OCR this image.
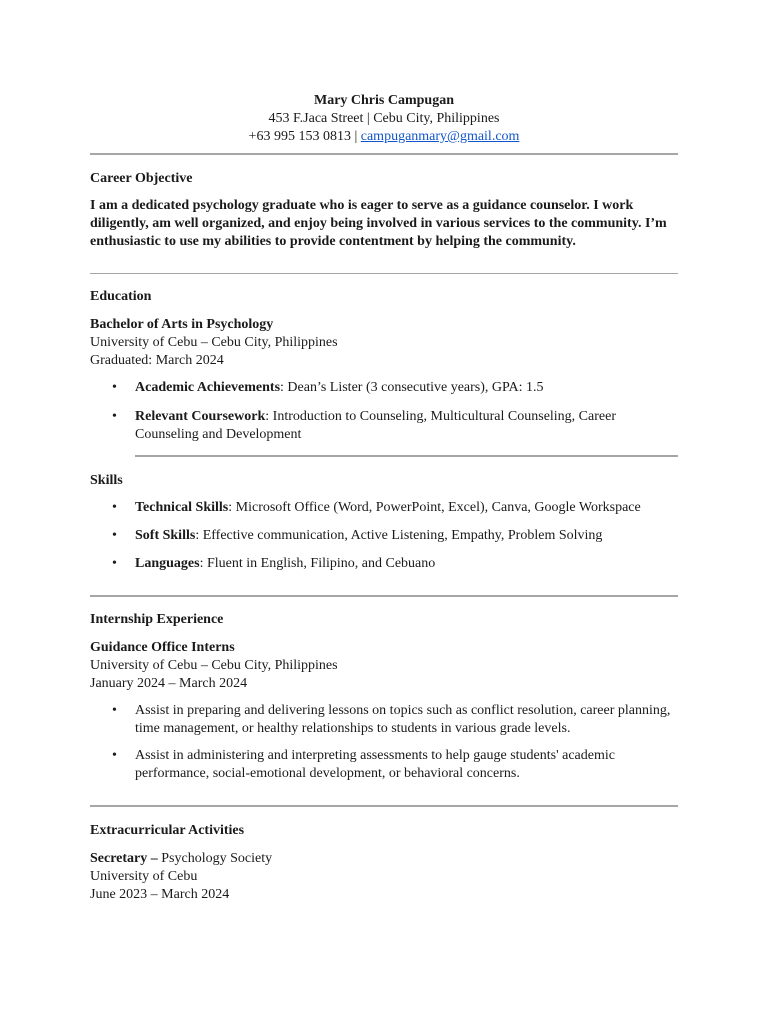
Mary Chris Campugan
453 F.Jaca Street | Cebu City, Philippines
+63 995 153 0813 | campuganmary@gmail.com
Career Objective
I am a dedicated psychology graduate who is eager to serve as a guidance counselor. I work diligently, am well organized, and enjoy being involved in various services to the community. I’m enthusiastic to use my abilities to provide contentment by helping the community.
Education
Bachelor of Arts in Psychology
University of Cebu – Cebu City, Philippines
Graduated: March 2024
• Academic Achievements: Dean’s Lister (3 consecutive years), GPA: 1.5
• Relevant Coursework: Introduction to Counseling, Multicultural Counseling, Career Counseling and Development
Skills
• Technical Skills: Microsoft Office (Word, PowerPoint, Excel), Canva, Google Workspace
• Soft Skills: Effective communication, Active Listening, Empathy, Problem Solving
• Languages: Fluent in English, Filipino, and Cebuano
Internship Experience
Guidance Office Interns
University of Cebu – Cebu City, Philippines
January 2024 – March 2024
• Assist in preparing and delivering lessons on topics such as conflict resolution, career planning, time management, or healthy relationships to students in various grade levels.
• Assist in administering and interpreting assessments to help gauge students' academic performance, social-emotional development, or behavioral concerns.
Extracurricular Activities
Secretary – Psychology Society
University of Cebu
June 2023 – March 2024
